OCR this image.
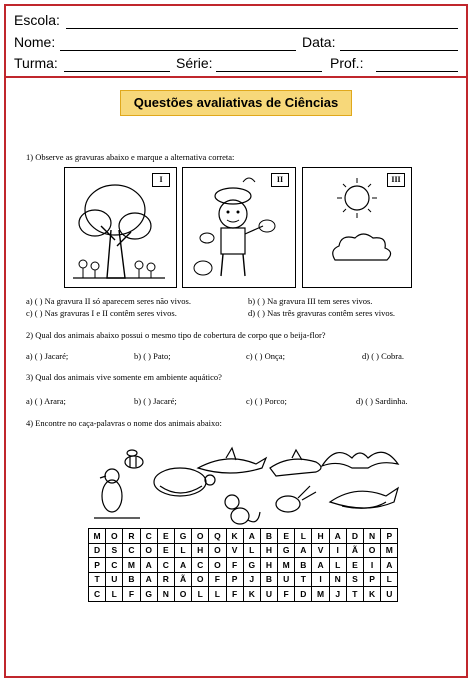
Escola:
Nome:	Data:
Turma:	Série:	Prof.:
Questões avaliativas de Ciências
1) Observe as gravuras abaixo e marque a alternativa correta:
I	II	III
a) ( ) Na gravura II só aparecem seres não vivos.	b) ( ) Na gravura III tem seres vivos.
c) ( ) Nas gravuras I e II contêm seres vivos.	d) ( ) Nas três gravuras contêm seres vivos.
2) Qual dos animais abaixo possui o mesmo tipo de cobertura de corpo que o beija-flor?
a) ( ) Jacaré;	b) ( ) Pato;	c) ( ) Onça;	d) ( ) Cobra.
3) Qual dos animais vive somente em ambiente aquático?
a) ( ) Arara;	b) ( ) Jacaré;	c) ( ) Porco;	d) ( ) Sardinha.
4) Encontre no caça-palavras o nome dos animais abaixo:
M	O	R	C	E	G	O	Q	K	A	B	E	L	H	A	D	N	P
D	S	C	O	E	L	H	O	V	L	H	G	A	V	I	Ã	O	M
P	C	M	A	C	A	C	O	F	G	H	M	B	A	L	E	I	A
T	U	B	A	R	Ã	O	F	P	J	B	U	T	I	N	S	P	L
C	L	F	G	N	O	L	L	F	K	U	F	D	M	J	T	K	U
